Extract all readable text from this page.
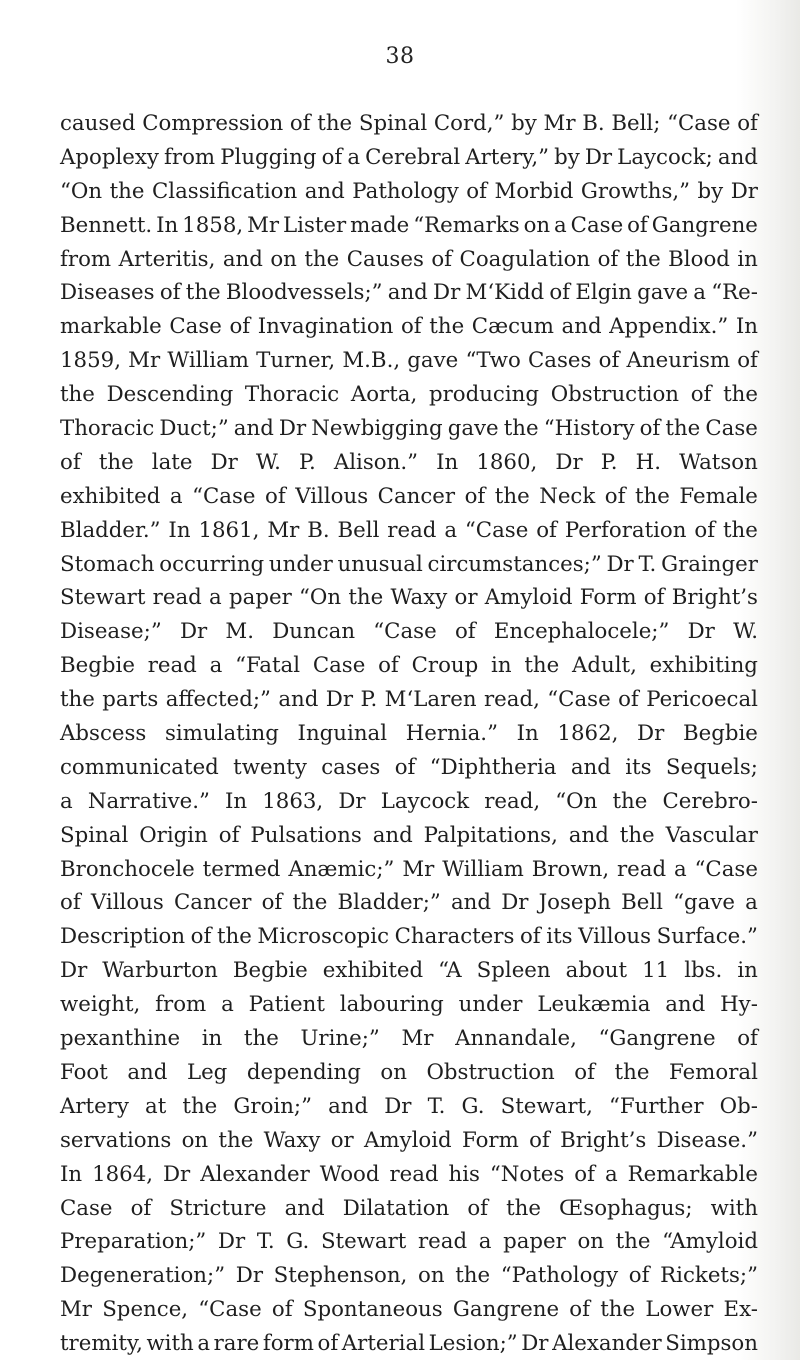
38
caused Compression of the Spinal Cord,” by Mr B. Bell; “Case of
Apoplexy from Plugging of a Cerebral Artery,” by Dr Laycock; and
“On the Classification and Pathology of Morbid Growths,” by Dr
Bennett. In 1858, Mr Lister made “Remarks on a Case of Gangrene
from Arteritis, and on the Causes of Coagulation of the Blood in
Diseases of the Bloodvessels;” and Dr M‘Kidd of Elgin gave a “Re-
markable Case of Invagination of the Cæcum and Appendix.” In
1859, Mr William Turner, M.B., gave “Two Cases of Aneurism of
the Descending Thoracic Aorta, producing Obstruction of the
Thoracic Duct;” and Dr Newbigging gave the “History of the Case
of the late Dr W. P. Alison.” In 1860, Dr P. H. Watson
exhibited a “Case of Villous Cancer of the Neck of the Female
Bladder.” In 1861, Mr B. Bell read a “Case of Perforation of the
Stomach occurring under unusual circumstances;” Dr T. Grainger
Stewart read a paper “On the Waxy or Amyloid Form of Bright’s
Disease;” Dr M. Duncan “Case of Encephalocele;” Dr W.
Begbie read a “Fatal Case of Croup in the Adult, exhibiting
the parts affected;” and Dr P. M‘Laren read, “Case of Pericoecal
Abscess simulating Inguinal Hernia.” In 1862, Dr Begbie
communicated twenty cases of “Diphtheria and its Sequels;
a Narrative.” In 1863, Dr Laycock read, “On the Cerebro-
Spinal Origin of Pulsations and Palpitations, and the Vascular
Bronchocele termed Anæmic;” Mr William Brown, read a “Case
of Villous Cancer of the Bladder;” and Dr Joseph Bell “gave a
Description of the Microscopic Characters of its Villous Surface.”
Dr Warburton Begbie exhibited “A Spleen about 11 lbs. in
weight, from a Patient labouring under Leukæmia and Hy-
pexanthine in the Urine;” Mr Annandale, “Gangrene of
Foot and Leg depending on Obstruction of the Femoral
Artery at the Groin;” and Dr T. G. Stewart, “Further Ob-
servations on the Waxy or Amyloid Form of Bright’s Disease.”
In 1864, Dr Alexander Wood read his “Notes of a Remarkable
Case of Stricture and Dilatation of the Œsophagus; with
Preparation;” Dr T. G. Stewart read a paper on the “Amyloid
Degeneration;” Dr Stephenson, on the “Pathology of Rickets;”
Mr Spence, “Case of Spontaneous Gangrene of the Lower Ex-
tremity, with a rare form of Arterial Lesion;” Dr Alexander Simpson
